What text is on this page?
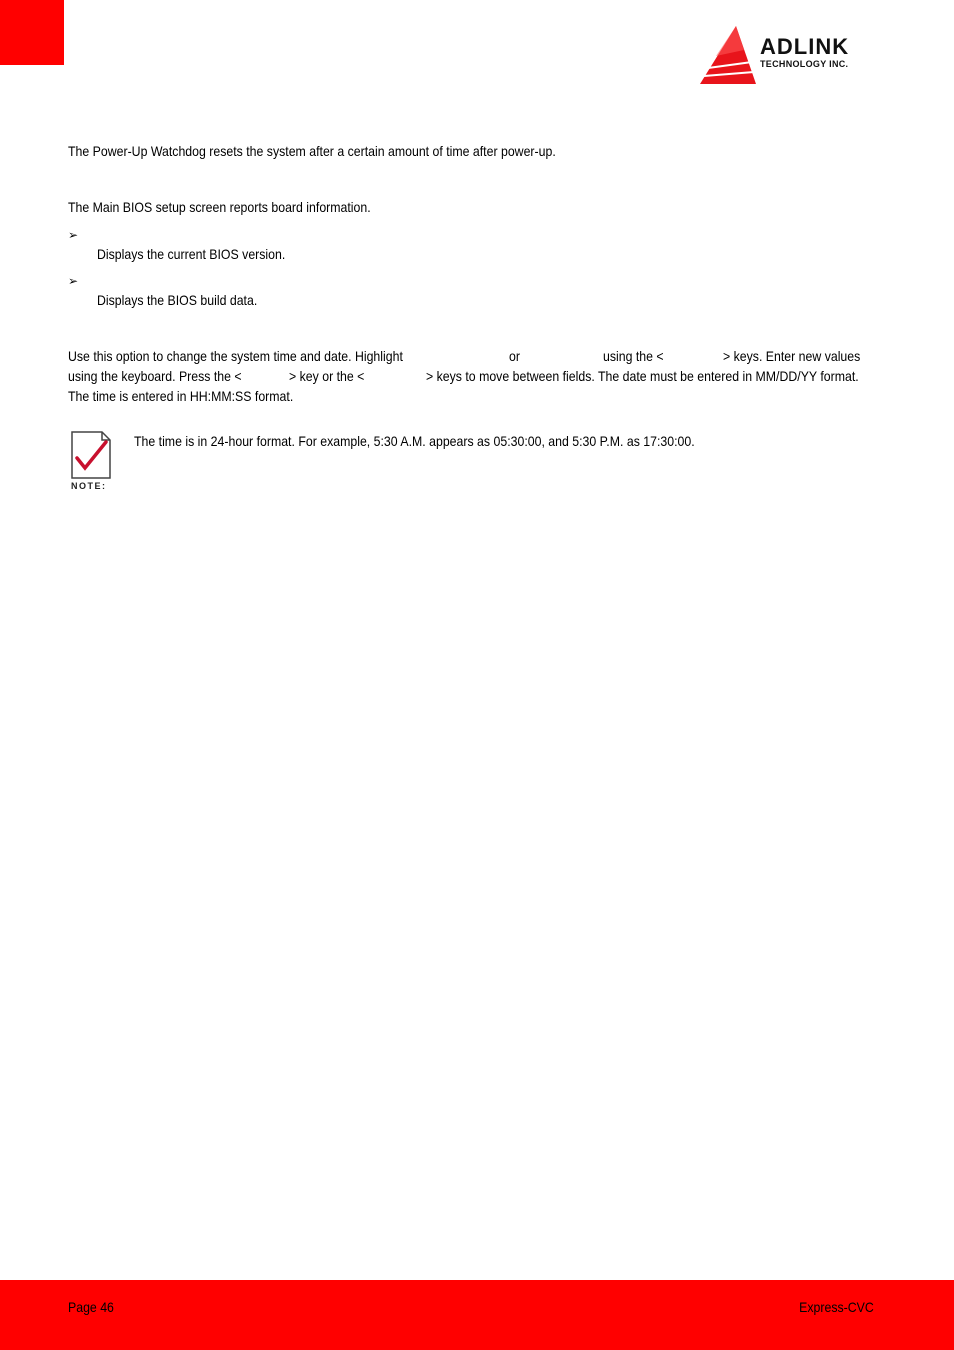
ADLINK
TECHNOLOGY INC.
The Power-Up Watchdog resets the system after a certain amount of time after power-up.
The Main BIOS setup screen reports board information.
➢
Displays the current BIOS version.
➢
Displays the BIOS build data.
Use this option to change the system time and date. Highlight	or	using the <	> keys. Enter new values
using the keyboard. Press the <	> key or the <	> keys to move between fields. The date must be entered in MM/DD/YY format.
The time is entered in HH:MM:SS format.
NOTE:
The time is in 24-hour format. For example, 5:30 A.M. appears as 05:30:00, and 5:30 P.M. as 17:30:00.
Page 46	Express-CVC
